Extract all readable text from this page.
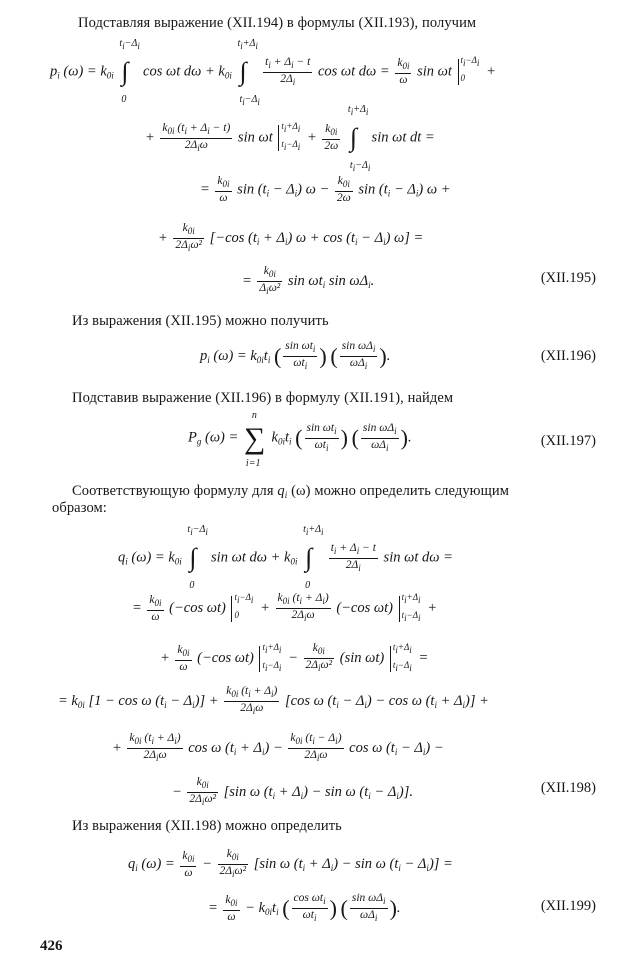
Подставляя выражение (XII.194) в формулы (XII.193), получим
$p_i$ $(\omega) = k_{0i}$
ti−Δi
∫
0
cos ωt $d\omega + k_{0i}$
ti+Δi
∫
ti−Δi

$\frac{t_i + \Delta_i - t}{2\Delta_i}$ cos ωt $d\omega = \frac{k_{0i}}{\omega}$ sin ωt
ti−Δi
0 +
+ $\frac{k_{0i} (t_i + \Delta_i - t)}{2\Delta_i\omega}$ sin ωt
ti+Δi
ti−Δi
+ $\frac{k_{0i}}{2\omega}$

ti+Δi
∫
ti−Δi
sin ωt dt =
= $\frac{k_{0i}}{\omega}$ $\sin (t_i - \Delta_i) \omega - \frac{k_{0i}}{2\omega}$ $\sin (t_i - \Delta_i) \omega$ +
+ $\frac{k_{0i}}{2\Delta_i\omega^2} [-\cos$ $(t_i + \Delta_i) \omega + \cos (t_i - \Delta_i) \omega$] =
= $\frac{k_{0i}}{\Delta_i\omega^2}$ $\sin \omega t_i$ $\sin \omega\Delta_i$.	(XII.195)
Из выражения (XII.195) можно получить
$p_i$ $(\omega) = k_{0i}t_i$ ( $\frac{\sin \omega t_i}{\omega t_i}$ ) ( $\frac{\sin \omega\Delta_i}{\omega\Delta_i}$ ).	(XII.196)
Подставив выражение (XII.196) в формулу (XII.191), найдем
$P_g$ (ω) =
n
∑
i=1
$k_{0i}t_i$ ( $\frac{\sin \omega t_i}{\omega t_i}$ ) ( $\frac{\sin \omega\Delta_i}{\omega\Delta_i}$ ).	(XII.197)
Соответствующую формулу для $q_i$ (ω) можно определить следующим
образом:
$q_i$ $(\omega) = k_{0i}$
ti−Δi
∫
0
sin ωt $d\omega + k_{0i}$
ti+Δi
∫
0

$\frac{t_i + \Delta_i - t}{2\Delta_i}$ sin ωt dω =
= $\frac{k_{0i}}{\omega} (-\cos$ ωt)
ti−Δi
$0 + \frac{k_{0i} (t_i + \Delta_i)}{2\Delta_i\omega} (-\cos$ ωt)
ti+Δi
ti−Δi
+
+ $\frac{k_{0i}}{\omega} (-\cos$ ωt)
ti+Δi
ti−Δi
− $\frac{k_{0i}}{2\Delta_i\omega^2} (\sin$ ωt)
ti+Δi
ti−Δi
=
= $k_{0i}$ [1 − cos ω $(t_i - \Delta_i)] + \frac{k_{0i} (t_i + \Delta_i)}{2\Delta_i\omega} [\cos$ ω $(t_i - \Delta_i) - \cos \omega$ $(t_i + \Delta_i)$] +
+ $\frac{k_{0i} (t_i + \Delta_i)}{2\Delta_i\omega}$ cos ω $(t_i + \Delta_i) - \frac{k_{0i} (t_i - \Delta_i)}{2\Delta_i\omega}$ cos ω $(t_i - \Delta_i)$ −
− $\frac{k_{0i}}{2\Delta_i\omega^2} [\sin$ ω $(t_i + \Delta_i) - \sin \omega$ $(t_i - \Delta_i)$].	(XII.198)
Из выражения (XII.198) можно определить
$q_i$ $(\omega) = \frac{k_{0i}}{\omega} - \frac{k_{0i}}{2\Delta_i\omega^2} [\sin$ ω $(t_i + \Delta_i) - \sin \omega$ $(t_i - \Delta_i)$] =
= $\frac{k_{0i}}{\omega} - k_{0i}t_i$ ( $\frac{\cos \omega t_i}{\omega t_i}$ ) ( $\frac{\sin \omega\Delta_i}{\omega\Delta_i}$ ).	(XII.199)
426
